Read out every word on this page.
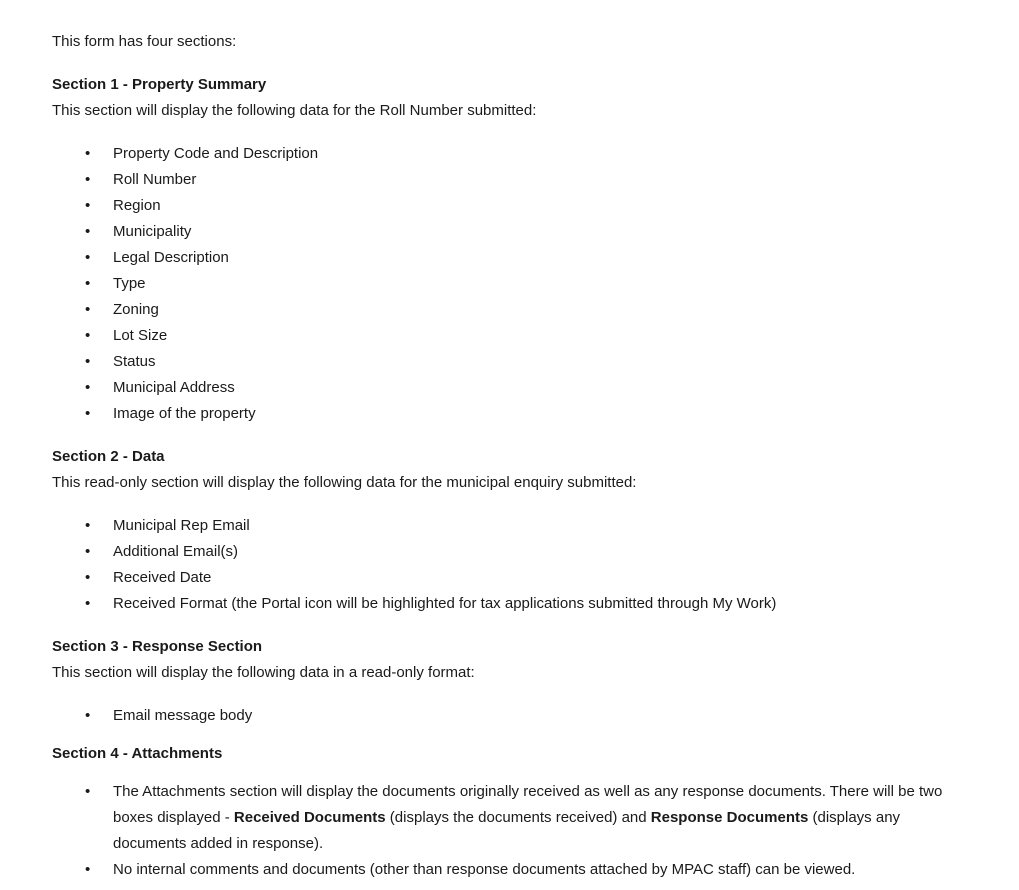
This form has four sections:

Section 1 - Property Summary

This section will display the following data for the Roll Number submitted:

• Property Code and Description
• Roll Number
• Region
• Municipality
• Legal Description
• Type
• Zoning
• Lot Size
• Status
• Municipal Address
• Image of the property
Section 2 - Data

This read-only section will display the following data for the municipal enquiry submitted:

• Municipal Rep Email
• Additional Email(s)
• Received Date
• Received Format (the Portal icon will be highlighted for tax applications submitted through My Work)
Section 3 - Response Section

This section will display the following data in a read-only format:

• Email message body
Section 4 - Attachments
• The Attachments section will display the documents originally received as well as any response documents. There will be two boxes displayed - Received Documents (displays the documents received) and Response Documents (displays any documents added in response).
• No internal comments and documents (other than response documents attached by MPAC staff) can be viewed.
